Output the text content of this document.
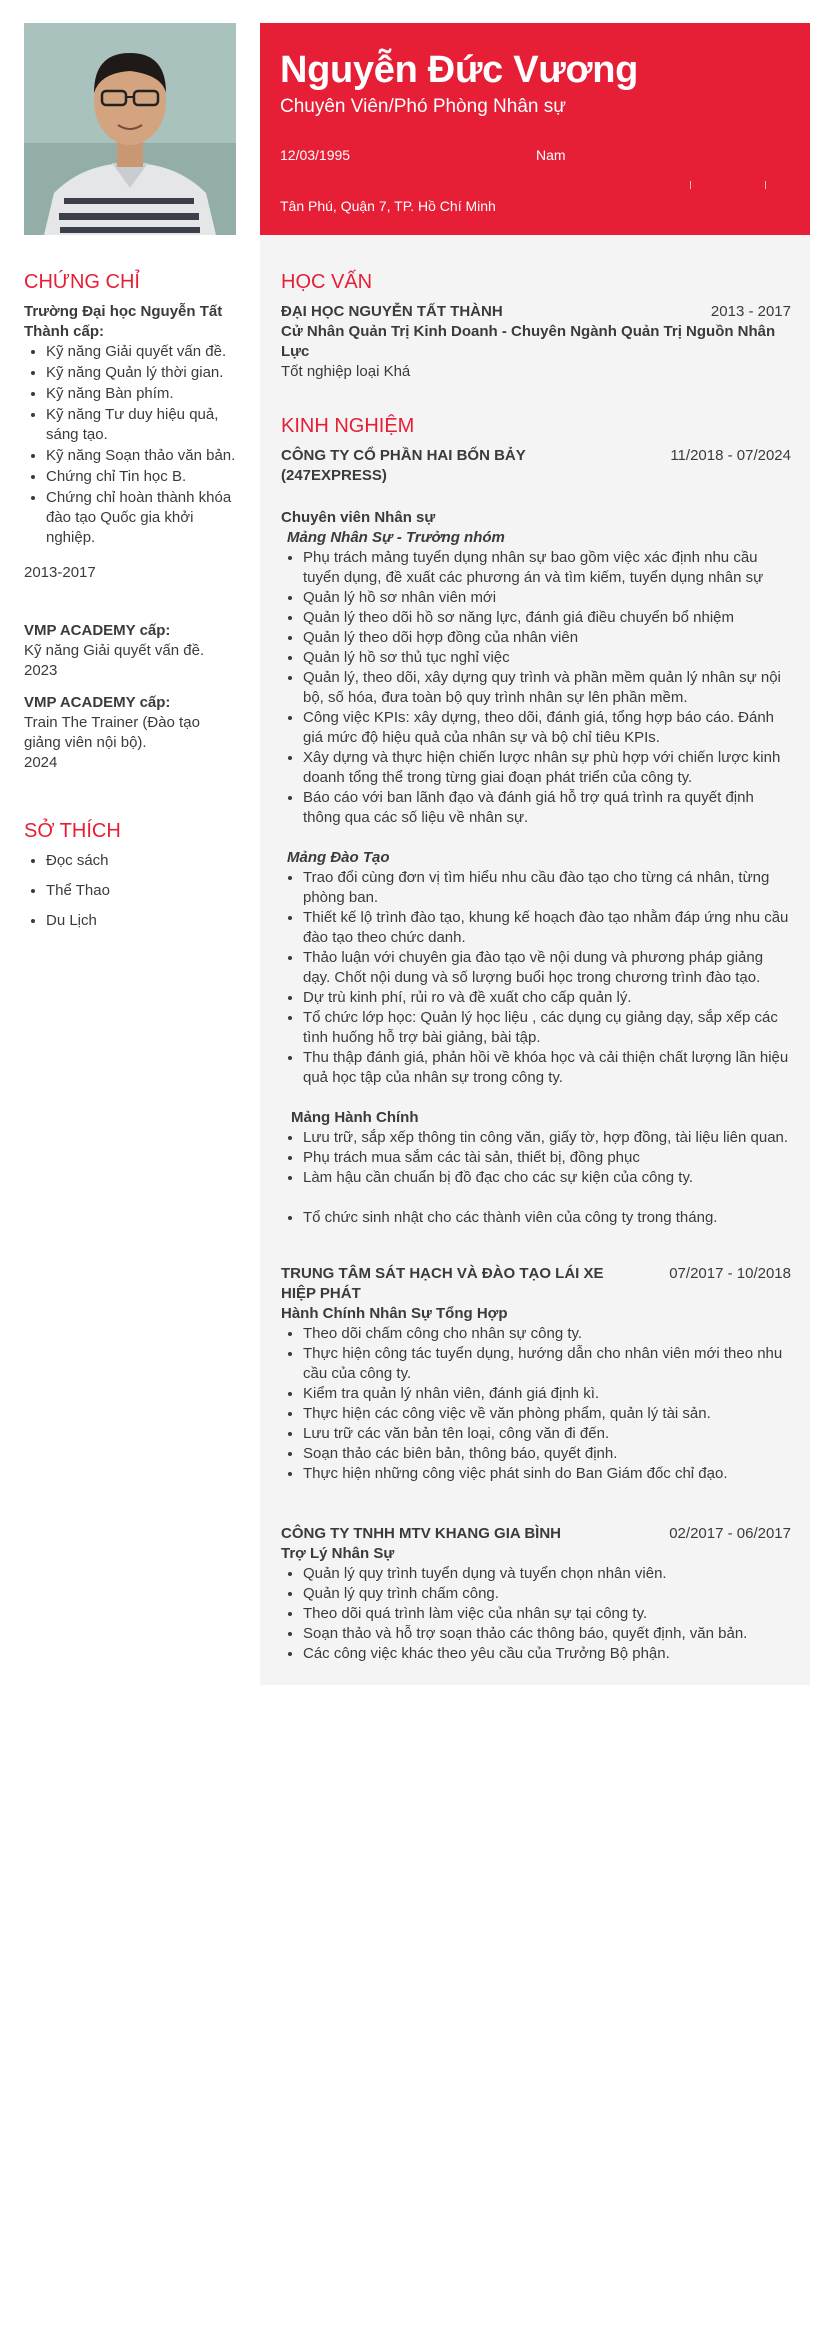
Nguyễn Đức Vương
Chuyên Viên/Phó Phòng Nhân sự
12/03/1995	Nam
Tân Phú, Quận 7, TP. Hồ Chí Minh
CHỨNG CHỈ
Trường Đại học Nguyễn Tất Thành cấp:
• Kỹ năng Giải quyết vấn đề.
• Kỹ năng Quản lý thời gian.
• Kỹ năng Bàn phím.
• Kỹ năng Tư duy hiệu quả, sáng tạo.
• Kỹ năng Soạn thảo văn bản.
• Chứng chỉ Tin học B.
• Chứng chỉ hoàn thành khóa đào tạo Quốc gia khởi nghiệp.
2013-2017
VMP ACADEMY cấp:
Kỹ năng Giải quyết vấn đề.
2023
VMP ACADEMY cấp:
Train The Trainer (Đào tạo giảng viên nội bộ).
2024
SỞ THÍCH
• Đọc sách
• Thể Thao
• Du Lịch
HỌC VẤN
ĐẠI HỌC NGUYỄN TẤT THÀNH	2013 - 2017
Cử Nhân Quản Trị Kinh Doanh - Chuyên Ngành Quản Trị Nguồn Nhân Lực
Tốt nghiệp loại Khá
KINH NGHIỆM
CÔNG TY CỔ PHẦN HAI BỐN BẢY (247EXPRESS)
11/2018 - 07/2024
Chuyên viên Nhân sự
Mảng Nhân Sự - Trưởng nhóm
• Phụ trách mảng tuyển dụng nhân sự bao gồm việc xác định nhu cầu tuyển dụng, đề xuất các phương án và tìm kiếm, tuyển dụng nhân sự
• Quản lý hồ sơ nhân viên mới
• Quản lý theo dõi hồ sơ năng lực, đánh giá điều chuyển bổ nhiệm
• Quản lý theo dõi hợp đồng của nhân viên
• Quản lý hồ sơ thủ tục nghỉ việc
• Quản lý, theo dõi, xây dựng quy trình và phần mềm quản lý nhân sự nội bộ, số hóa, đưa toàn bộ quy trình nhân sự lên phần mềm.
• Công việc KPIs: xây dựng, theo dõi, đánh giá, tổng hợp báo cáo. Đánh giá mức độ hiệu quả của nhân sự và bộ chỉ tiêu KPIs.
• Xây dựng và thực hiện chiến lược nhân sự phù hợp với chiến lược kinh doanh tổng thể trong từng giai đoạn phát triển của công ty.
• Báo cáo với ban lãnh đạo và đánh giá hỗ trợ quá trình ra quyết định thông qua các số liệu về nhân sự.
Mảng Đào Tạo
• Trao đổi cùng đơn vị tìm hiểu nhu cầu đào tạo cho từng cá nhân, từng phòng ban.
• Thiết kế lộ trình đào tạo, khung kế hoạch đào tạo nhằm đáp ứng nhu cầu đào tạo theo chức danh.
• Thảo luận với chuyên gia đào tạo về nội dung và phương pháp giảng dạy. Chốt nội dung và số lượng buổi học trong chương trình đào tạo.
• Dự trù kinh phí, rủi ro và đề xuất cho cấp quản lý.
• Tổ chức lớp học: Quản lý học liệu , các dụng cụ giảng dạy, sắp xếp các tình huống hỗ trợ bài giảng, bài tập.
• Thu thập đánh giá, phản hồi về khóa học và cải thiện chất lượng lần hiệu quả học tập của nhân sự trong công ty.
Mảng Hành Chính
• Lưu trữ, sắp xếp thông tin công văn, giấy tờ, hợp đồng, tài liệu liên quan.
• Phụ trách mua sắm các tài sản, thiết bị, đồng phục
• Làm hậu cần chuẩn bị đồ đạc cho các sự kiện của công ty.
• Tổ chức sinh nhật cho các thành viên của công ty trong tháng.
TRUNG TÂM SÁT HẠCH VÀ ĐÀO TẠO LÁI XE HIỆP PHÁT
07/2017 - 10/2018
Hành Chính Nhân Sự Tổng Hợp
• Theo dõi chấm công cho nhân sự công ty.
• Thực hiện công tác tuyển dụng, hướng dẫn cho nhân viên mới theo nhu cầu của công ty.
• Kiểm tra quản lý nhân viên, đánh giá định kì.
• Thực hiện các công việc về văn phòng phẩm, quản lý tài sản.
• Lưu trữ các văn bản tên loại, công văn đi đến.
• Soạn thảo các biên bản, thông báo, quyết định.
• Thực hiện những công việc phát sinh do Ban Giám đốc chỉ đạo.
CÔNG TY TNHH MTV KHANG GIA BÌNH	02/2017 - 06/2017
Trợ Lý Nhân Sự
• Quản lý quy trình tuyển dụng và tuyển chọn nhân viên.
• Quản lý quy trình chấm công.
• Theo dõi quá trình làm việc của nhân sự tại công ty.
• Soạn thảo và hỗ trợ soạn thảo các thông báo, quyết định, văn bản.
• Các công việc khác theo yêu cầu của Trưởng Bộ phận.
